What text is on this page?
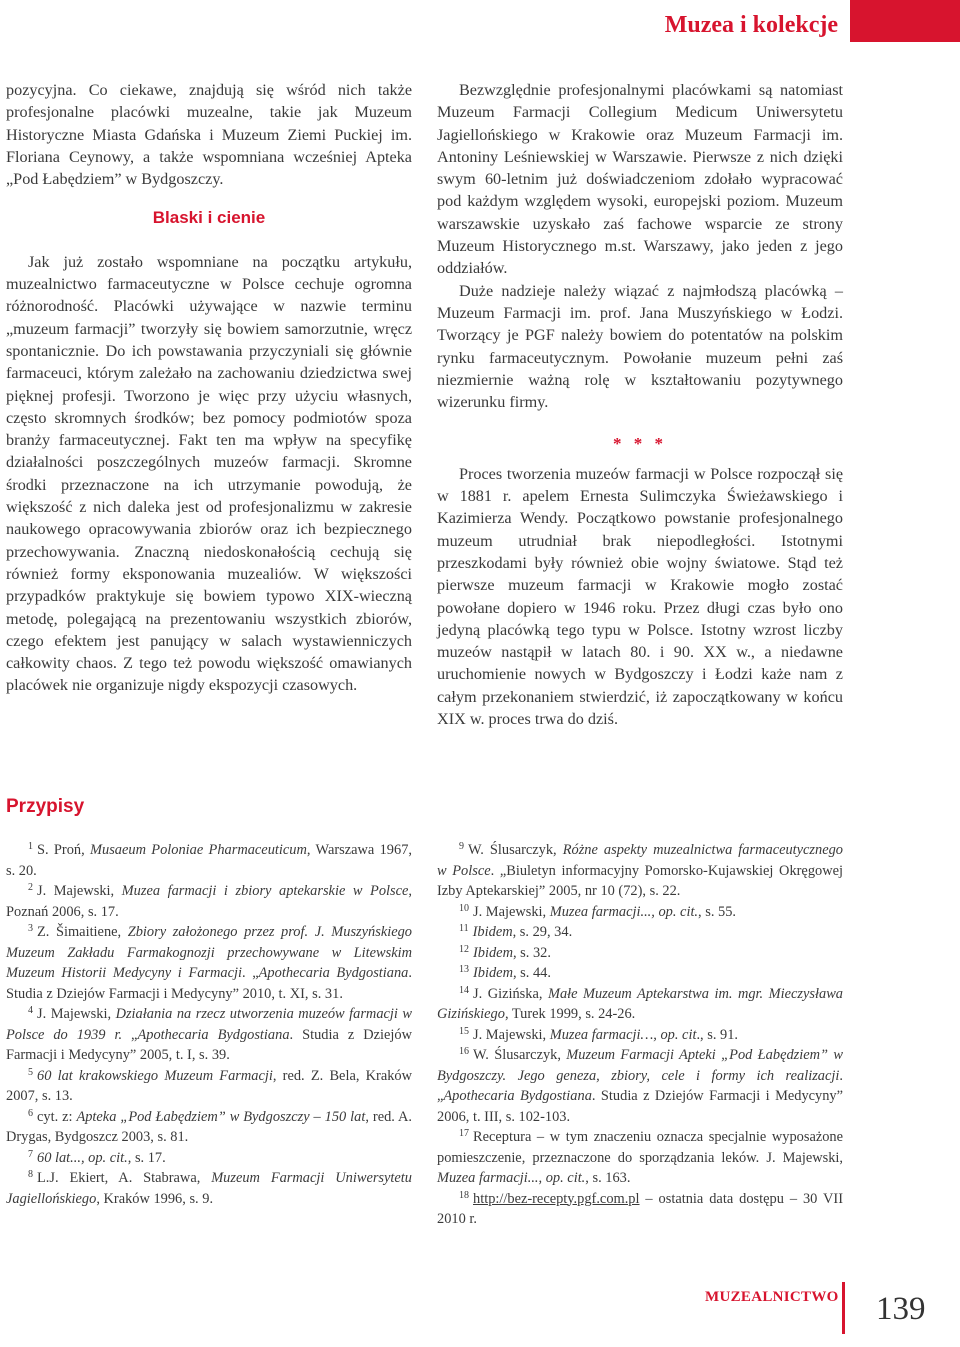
Muzea i kolekcje

pozycyjna. Co ciekawe, znajdują się wśród nich także profesjonalne placówki muzealne, takie jak Muzeum Historyczne Miasta Gdańska i Muzeum Ziemi Puckiej im. Floriana Ceynowy, a także wspomniana wcześniej Apteka „Pod Łabędziem” w Bydgoszczy.

Blaski i cienie

Jak już zostało wspomniane na początku artykułu, muzealnictwo farmaceutyczne w Polsce cechuje ogromna różnorodność. Placówki używające w nazwie terminu „muzeum farmacji” tworzyły się bowiem samorzutnie, wręcz spontanicznie. Do ich powstawania przyczyniali się głównie farmaceuci, którym zależało na zachowaniu dziedzictwa swej pięknej profesji. Tworzono je więc przy użyciu własnych, często skromnych środków; bez pomocy podmiotów spoza branży farmaceutycznej. Fakt ten ma wpływ na specyfikę działalności poszczególnych muzeów farmacji. Skromne środki przeznaczone na ich utrzymanie powodują, że większość z nich daleka jest od profesjonalizmu w zakresie naukowego opracowywania zbiorów oraz ich bezpiecznego przechowywania. Znaczną niedoskonałością cechują się również formy eksponowania muzealiów. W większości przypadków praktykuje się bowiem typowo XIX-wieczną metodę, polegającą na prezentowaniu wszystkich zbiorów, czego efektem jest panujący w salach wystawienniczych całkowity chaos. Z tego też powodu większość omawianych placówek nie organizuje nigdy ekspozycji czasowych.

Bezwzględnie profesjonalnymi placówkami są natomiast Muzeum Farmacji Collegium Medicum Uniwersytetu Jagiellońskiego w Krakowie oraz Muzeum Farmacji im. Antoniny Leśniewskiej w Warszawie. Pierwsze z nich dzięki swym 60-letnim już doświadczeniom zdołało wypracować pod każdym względem wysoki, europejski poziom. Muzeum warszawskie uzyskało zaś fachowe wsparcie ze strony Muzeum Historycznego m.st. Warszawy, jako jeden z jego oddziałów.

Duże nadzieje należy wiązać z najmłodszą placówką – Muzeum Farmacji im. prof. Jana Muszyńskiego w Łodzi. Tworzący je PGF należy bowiem do potentatów na polskim rynku farmaceutycznym. Powołanie muzeum pełni zaś niezmiernie ważną rolę w kształtowaniu pozytywnego wizerunku firmy.

* * *

Proces tworzenia muzeów farmacji w Polsce rozpoczął się w 1881 r. apelem Ernesta Sulimczyka Świeżawskiego i Kazimierza Wendy. Początkowo powstanie profesjonalnego muzeum utrudniał brak niepodległości. Istotnymi przeszkodami były również obie wojny światowe. Stąd też pierwsze muzeum farmacji w Krakowie mogło zostać powołane dopiero w 1946 roku. Przez długi czas było ono jedyną placówką tego typu w Polsce. Istotny wzrost liczby muzeów nastąpił w latach 80. i 90. XX w., a niedawne uruchomienie nowych w Bydgoszczy i Łodzi każe nam z całym przekonaniem stwierdzić, iż zapoczątkowany w końcu XIX w. proces trwa do dziś.

Przypisy

$^1$ S. Proń, Musaeum Poloniae Pharmaceuticum, Warszawa 1967, s. 20.

$^2$ J. Majewski, Muzea farmacji i zbiory aptekarskie w Polsce, Poznań 2006, s. 17.

$^3$ Z. Šimaitiene, Zbiory założonego przez prof. J. Muszyńskiego Muzeum Zakładu Farmakognozji przechowywane w Litewskim Muzeum Historii Medycyny i Farmacji. „Apothecaria Bydgostiana. Studia z Dziejów Farmacji i Medycyny” 2010, t. XI, s. 31.

$^4$ J. Majewski, Działania na rzecz utworzenia muzeów farmacji w Polsce do 1939 r. „Apothecaria Bydgostiana. Studia z Dziejów Farmacji i Medycyny” 2005, t. I, s. 39.

$^5$ 60 lat krakowskiego Muzeum Farmacji, red. Z. Bela, Kraków 2007, s. 13.

$^6$ cyt. z: Apteka „Pod Łabędziem” w Bydgoszczy – 150 lat, red. A. Drygas, Bydgoszcz 2003, s. 81.

$^7$ 60 lat..., op. cit., s. 17.

$^8$ L.J. Ekiert, A. Stabrawa, Muzeum Farmacji Uniwersytetu Jagiellońskiego, Kraków 1996, s. 9.

$^9$ W. Ślusarczyk, Różne aspekty muzealnictwa farmaceutycznego w Polsce. „Biuletyn informacyjny Pomorsko-Kujawskiej Okręgowej Izby Aptekarskiej” 2005, nr 10 (72), s. 22.

$^{10}$ J. Majewski, Muzea farmacji..., op. cit., s. 55.

$^{11}$ Ibidem, s. 29, 34.

$^{12}$ Ibidem, s. 32.

$^{13}$ Ibidem, s. 44.

$^{14}$ J. Gizińska, Małe Muzeum Aptekarstwa im. mgr. Mieczysława Gizińskiego, Turek 1999, s. 24-26.

$^{15}$ J. Majewski, Muzea farmacji…, op. cit., s. 91.

$^{16}$ W. Ślusarczyk, Muzeum Farmacji Apteki „Pod Łabędziem” w Bydgoszczy. Jego geneza, zbiory, cele i formy ich realizacji. „Apothecaria Bydgostiana. Studia z Dziejów Farmacji i Medycyny” 2006, t. III, s. 102-103.

$^{17}$ Receptura – w tym znaczeniu oznacza specjalnie wyposażone pomieszczenie, przeznaczone do sporządzania leków. J. Majewski, Muzea farmacji..., op. cit., s. 163.

$^{18}$ http://bez-recepty.pgf.com.pl – ostatnia data dostępu – 30 VII 2010 r.

MUZEALNICTWO 139
